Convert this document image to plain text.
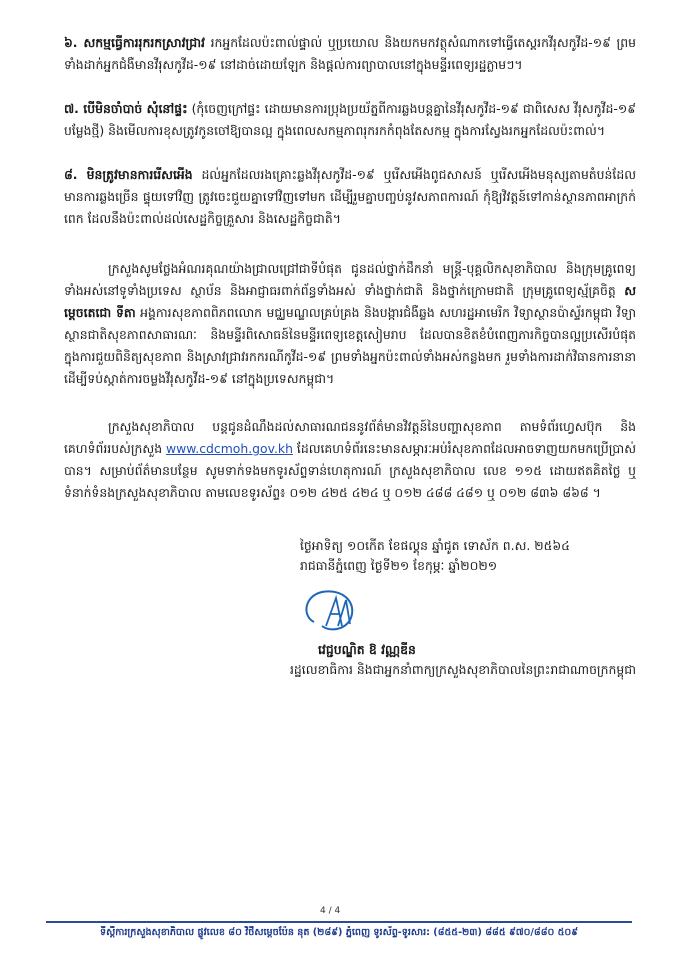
៦. សកម្មធ្វើការរុករកស្រាវជ្រាវ រកអ្នកដែលប៉ះពាល់ផ្ទាល់ ឬប្រយោល និងយកមកវត្ថុសំណាកទៅធ្វើតេស្តរកវីរុសកូវីដ-១៩ ព្រមទាំងដាក់អ្នកជំងឺមានវីរុសកូវីដ-១៩ នៅដាច់ដោយឡែក និងផ្តល់ការព្យាបាលនៅក្នុងមន្ទីរពេទ្យរដ្ឋភ្លាមៗ។

៧. បើមិនចាំបាច់ សុំនៅផ្ទះ (កុំចេញក្រៅផ្ទះ ដោយមានការប្រុងប្រយ័ត្នពីការឆ្លងបន្តគ្នានៃវីរុសកូវីដ-១៩ ជាពិសេស វីរុសកូវីដ-១៩ បម្លែងថ្មី) និងមើលការខុសត្រូវកូនចៅឱ្យបានល្អ ក្នុងពេលសកម្មភាពរុករកកំពុងតែសកម្ម ក្នុងការស្វែងរកអ្នកដែលប៉ះពាល់។

៨. មិនត្រូវមានការរើសអើង ដល់អ្នកដែលរងគ្រោះឆ្លងវីរុសកូវីដ-១៩ ឬរើសអើងពូជសាសន៍ ឬរើសអើងមនុស្សតាមតំបន់ដែលមានការឆ្លងច្រើន ផ្ទុយទៅវិញ ត្រូវចេះជួយគ្នាទៅវិញទៅមក ដើម្បីរួមគ្នាបញ្ចប់នូវសភាពការណ៍ កុំឱ្យវិវត្តន៍ទៅកាន់ស្ថានភាពអាក្រក់ពេក ដែលនឹងប៉ះពាល់ដល់សេដ្ឋកិច្ចគ្រួសារ និងសេដ្ឋកិច្ចជាតិ។

ក្រសួងសូមថ្លែងអំណរគុណយ៉ាងជ្រាលជ្រៅជាទីបំផុត ជូនដល់ថ្នាក់ដឹកនាំ មន្ត្រី-បុគ្គលិកសុខាភិបាល និងក្រុមគ្រូពេទ្យទាំងអស់នៅទូទាំងប្រទេស ស្ថាប័ន និងអាជ្ញាធរពាក់ព័ន្ធទាំងអស់ ទាំងថ្នាក់ជាតិ និងថ្នាក់ក្រោមជាតិ ក្រុមគ្រូពេទ្យស្ម័គ្រចិត្ត សម្តេចតេជោ ទីតា អង្គការសុខភាពពិភពលោក មជ្ឈមណ្ឌលគ្រប់គ្រង និងបង្ការជំងឺឆ្លង សហរដ្ឋអាមេរិក វិទ្យាស្ថានប៉ាស្ទ័រកម្ពុជា វិទ្យាស្ថានជាតិសុខភាពសាធារណៈ និងមន្ទីរពិសោធន៍នៃមន្ទីរពេទ្យខេត្តសៀមរាប ដែលបានខិតខំបំពេញភារកិច្ចបានល្អប្រសើរបំផុត ក្នុងការជួយពិនិត្យសុខភាព និងស្រាវជ្រាវរកករណីកូវីដ-១៩ ព្រមទាំងអ្នកប៉ះពាល់ទាំងអស់កន្លងមក រួមទាំងការដាក់វិធានការនានា ដើម្បីទប់ស្កាត់ការចម្លងវីរុសកូវីដ-១៩ នៅក្នុងប្រទេសកម្ពុជា។

ក្រសួងសុខាភិបាល បន្តជូនដំណឹងដល់សាធារណជននូវព័ត៌មានវិវត្តន៍នៃបញ្ហាសុខភាព តាមទំព័រហ្វេសប៊ុក និងគេហទំព័ររបស់ក្រសួង www.cdcmoh.gov.kh ដែលគេហទំព័រនេះមានសម្ភារៈអប់រំសុខភាពដែលអាចទាញយកមកប្រើប្រាស់បាន។ សម្រាប់ព័ត៌មានបន្ថែម សូមទាក់ទងមកទូរស័ព្ទទាន់ហេតុការណ៍ ក្រសួងសុខាភិបាល លេខ ១១៥ ដោយឥតគិតថ្លៃ ឬទំនាក់ទំនងក្រសួងសុខាភិបាល តាមលេខទូរស័ព្ទ៖ ០១២ ៤២៥ ៤២៤ ឬ ០១២ ៤៨៨ ៤៨១ ឬ ០១២ ៨៣៦ ៨៦៨ ។

ថ្ងៃអាទិត្យ ១០កើត ខែផល្គុន ឆ្នាំជូត ទោស័ក ព.ស. ២៥៦៤
រាជធានីភ្នំពេញ ថ្ងៃទី២១ ខែកុម្ភៈ ឆ្នាំ២០២១
វេជ្ជបណ្ឌិត ឱ វណ្ណឌីន
រដ្ឋលេខាធិការ និងជាអ្នកនាំពាក្យក្រសួងសុខាភិបាលនៃព្រះរាជាណាចក្រកម្ពុជា
4 / 4
ទីស្តីការក្រសួងសុខាភិបាល ផ្លូវលេខ ៨០ វិថីសម្តេចប៉ែន នុត (២៨៩) ភ្នំពេញ ទូរស័ព្ទ-ទូរសារ: (៨៥៥-២៣) ៨៨៥ ៩៧០/៨៨០ ៥០៩
